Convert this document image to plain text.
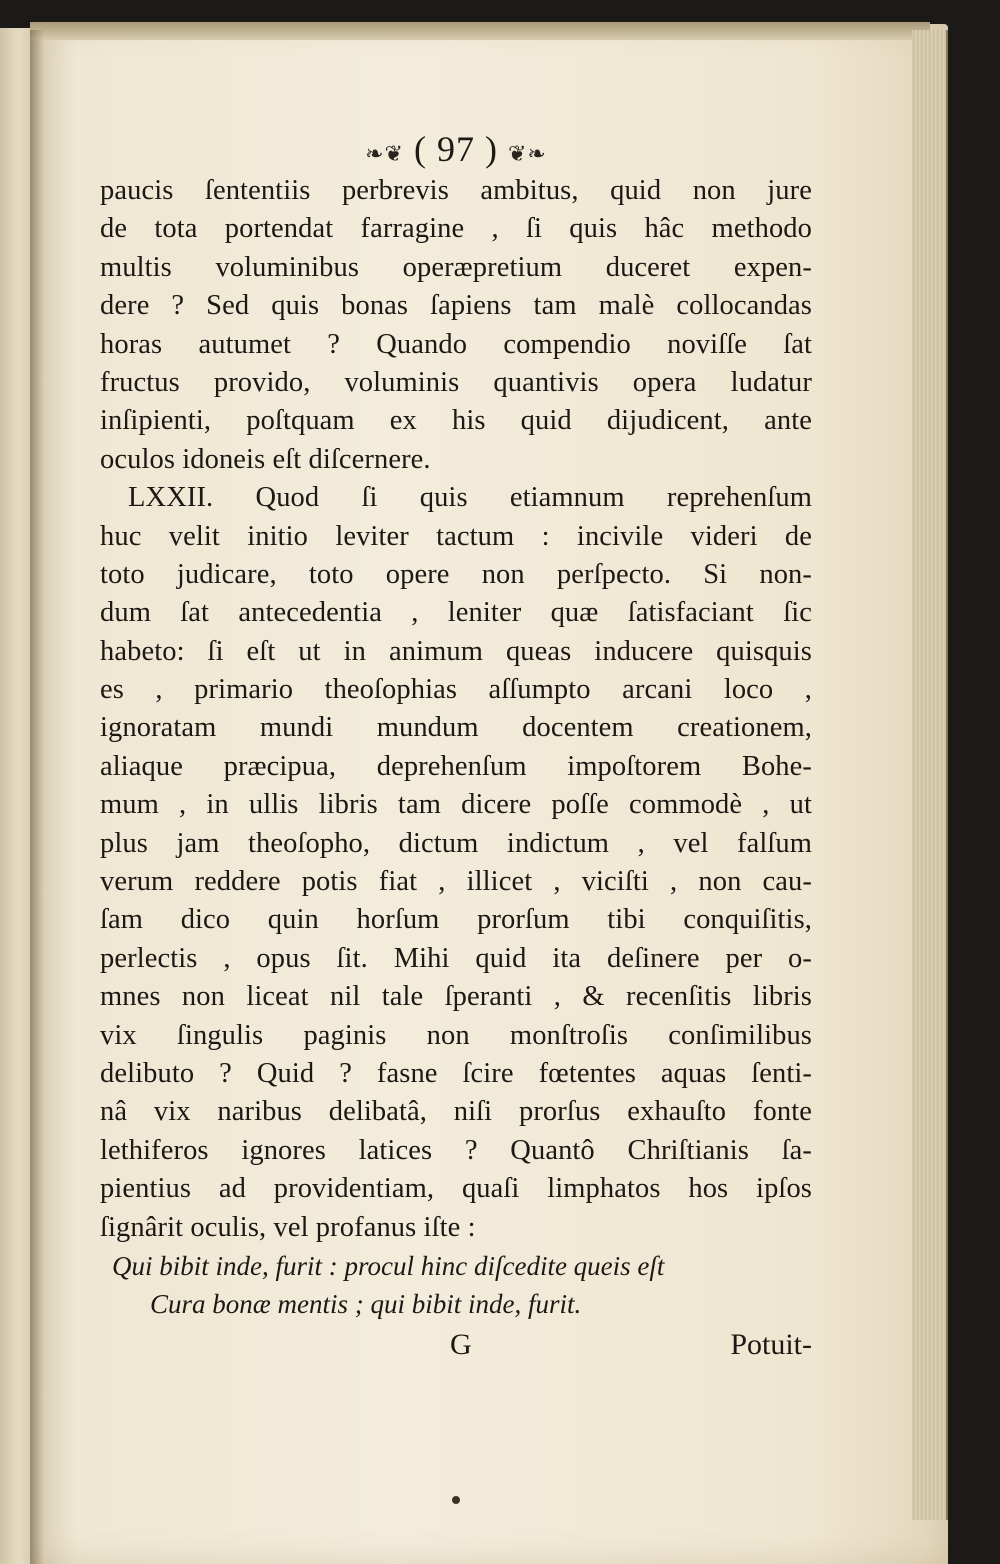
❧❦ ( 97 ) ❦❧
paucis ſententiis perbrevis ambitus, quid non jure
de tota portendat farragine , ſi quis hâc methodo
multis voluminibus operæpretium duceret expen-
dere ? Sed quis bonas ſapiens tam malè collocandas
horas autumet ? Quando compendio noviſſe ſat
fructus provido, voluminis quantivis opera ludatur
inſipienti, poſtquam ex his quid dijudicent, ante
oculos idoneis eſt diſcernere.
LXXII. Quod ſi quis etiamnum reprehenſum
huc velit initio leviter tactum : incivile videri de
toto judicare, toto opere non perſpecto. Si non-
dum ſat antecedentia , leniter quæ ſatisfaciant ſic
habeto: ſi eſt ut in animum queas inducere quisquis
es , primario theoſophias aſſumpto arcani loco ,
ignoratam mundi mundum docentem creationem,
aliaque præcipua, deprehenſum impoſtorem Bohe-
mum , in ullis libris tam dicere poſſe commodè , ut
plus jam theoſopho, dictum indictum , vel falſum
verum reddere potis fiat , illicet , viciſti , non cau-
ſam dico quin horſum prorſum tibi conquiſitis,
perlectis , opus ſit. Mihi quid ita deſinere per o-
mnes non liceat nil tale ſperanti , & recenſitis libris
vix ſingulis paginis non monſtroſis conſimilibus
delibuto ? Quid ? fasne ſcire fœtentes aquas ſenti-
nâ vix naribus delibatâ, niſi prorſus exhauſto fonte
lethiferos ignores latices ? Quantô Chriſtianis ſa-
pientius ad providentiam, quaſi limphatos hos ipſos
ſignârit oculis, vel profanus iſte :
Qui bibit inde, furit : procul hinc diſcedite queis eſt
Cura bonæ mentis ; qui bibit inde, furit.
G	Potuit-
